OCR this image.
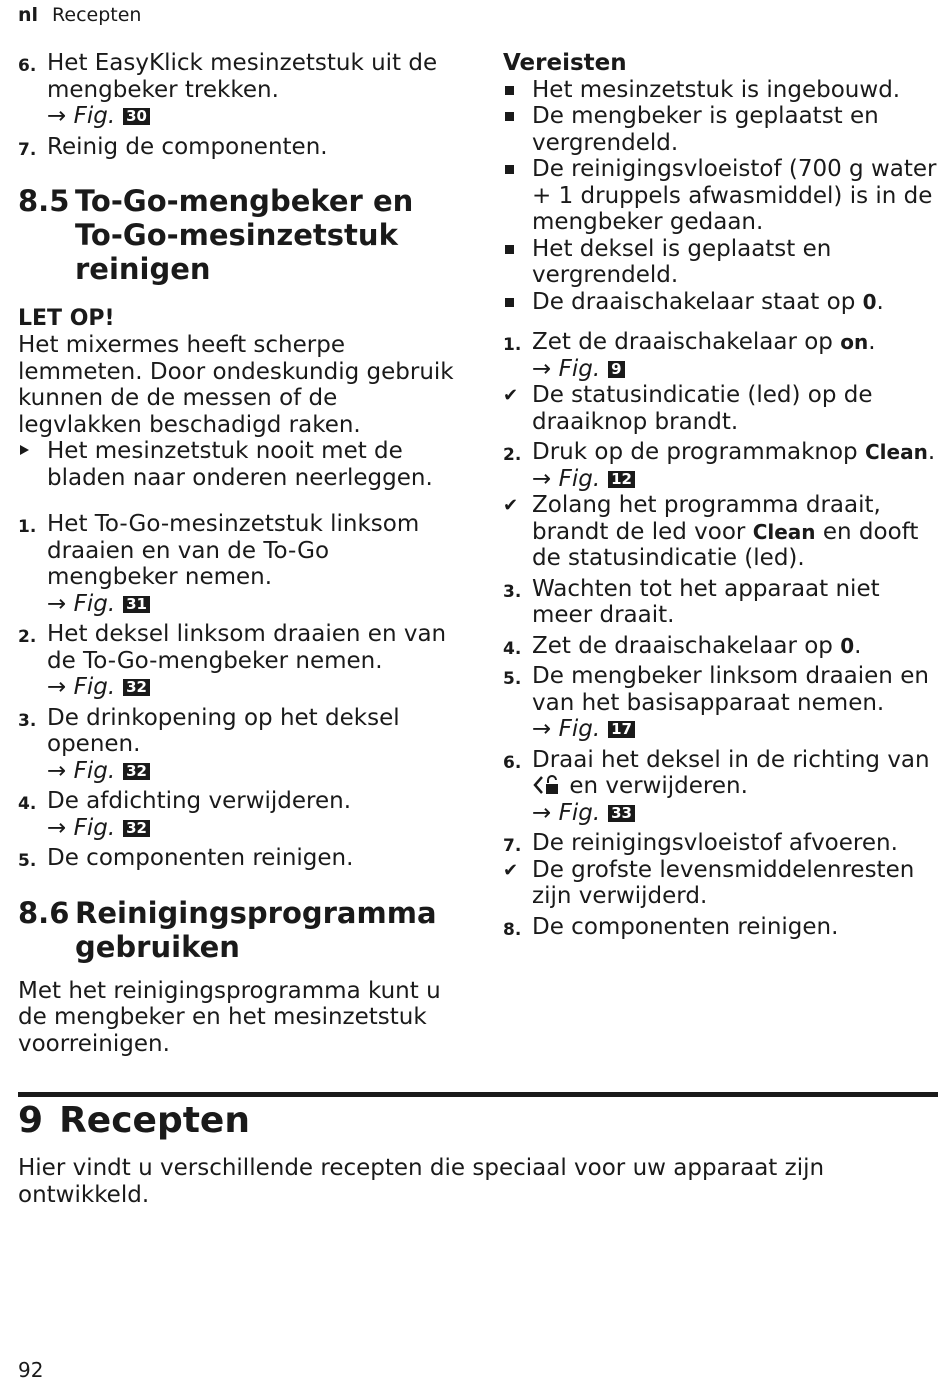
nl Recepten
6. Het EasyKlick mesinzetstuk uit de mengbeker trekken.
→ Fig. 30
7. Reinig de componenten.
8.5 To-Go-mengbeker en To-Go-mesinzetstuk reinigen
LET OP!
Het mixermes heeft scherpe lemmeten. Door ondeskundig gebruik kunnen de de messen of de legvlakken beschadigd raken.
Het mesinzetstuk nooit met de bladen naar onderen neerleggen.
1. Het To-Go-mesinzetstuk linksom draaien en van de To-Go mengbeker nemen.
→ Fig. 31
2. Het deksel linksom draaien en van de To-Go-mengbeker nemen.
→ Fig. 32
3. De drinkopening op het deksel openen.
→ Fig. 32
4. De afdichting verwijderen.
→ Fig. 32
5. De componenten reinigen.
8.6 Reinigingsprogramma gebruiken
Met het reinigingsprogramma kunt u de mengbeker en het mesinzetstuk voorreinigen.
Vereisten
Het mesinzetstuk is ingebouwd.
De mengbeker is geplaatst en vergrendeld.
De reinigingsvloeistof (700 g water + 1 druppels afwasmiddel) is in de mengbeker gedaan.
Het deksel is geplaatst en vergrendeld.
De draaischakelaar staat op 0.
1. Zet de draaischakelaar op on.
→ Fig. 9
✔ De statusindicatie (led) op de draaiknop brandt.
2. Druk op de programmaknop Clean.
→ Fig. 12
✔ Zolang het programma draait, brandt de led voor Clean en dooft de statusindicatie (led).
3. Wachten tot het apparaat niet meer draait.
4. Zet de draaischakelaar op 0.
5. De mengbeker linksom draaien en van het basisapparaat nemen.
→ Fig. 17
6. Draai het deksel in de richting van  en verwijderen.
→ Fig. 33
7. De reinigingsvloeistof afvoeren.
✔ De grofste levensmiddelenresten zijn verwijderd.
8. De componenten reinigen.
9 Recepten
Hier vindt u verschillende recepten die speciaal voor uw apparaat zijn ontwikkeld.
92
